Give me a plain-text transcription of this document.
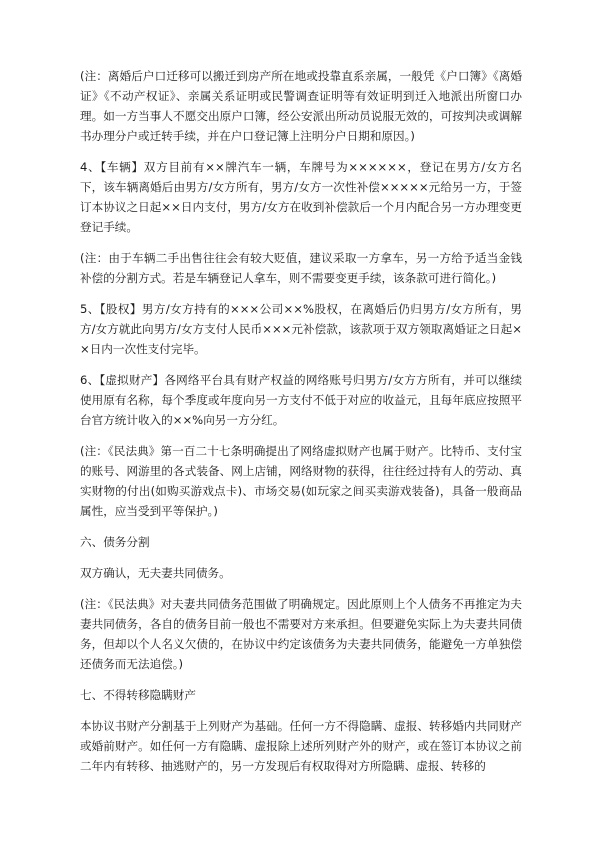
(注：离婚后户口迁移可以搬迁到房产所在地或投靠直系亲属，一般凭《户口簿》《离婚证》《不动产权证》、亲属关系证明或民警调查证明等有效证明到迁入地派出所窗口办理。如一方当事人不愿交出原户口簿，经公安派出所动员说服无效的，可按判决或调解书办理分户或迁转手续，并在户口登记簿上注明分户日期和原因。)

4、【车辆】双方目前有××牌汽车一辆，车牌号为××××××，登记在男方/女方名下，该车辆离婚后由男方/女方所有，男方/女方一次性补偿×××××元给另一方，于签订本协议之日起××日内支付，男方/女方在收到补偿款后一个月内配合另一方办理变更登记手续。

(注：由于车辆二手出售往往会有较大贬值，建议采取一方拿车，另一方给予适当金钱补偿的分割方式。若是车辆登记人拿车，则不需要变更手续，该条款可进行简化。)

5、【股权】男方/女方持有的×××公司××%股权，在离婚后仍归男方/女方所有，男方/女方就此向男方/女方支付人民币×××元补偿款，该款项于双方领取离婚证之日起××日内一次性支付完毕。

6、【虚拟财产】各网络平台具有财产权益的网络账号归男方/女方方所有，并可以继续使用原有名称，每个季度或年度向另一方支付不低于对应的收益元，且每年底应按照平台官方统计收入的××%向另一方分红。

(注：《民法典》第一百二十七条明确提出了网络虚拟财产也属于财产。比特币、支付宝的账号、网游里的各式装备、网上店铺，网络财物的获得，往往经过持有人的劳动、真实财物的付出(如购买游戏点卡)、市场交易(如玩家之间买卖游戏装备)，具备一般商品属性，应当受到平等保护。)

六、债务分割

双方确认，无夫妻共同债务。

(注：《民法典》对夫妻共同债务范围做了明确规定。因此原则上个人债务不再推定为夫妻共同债务，各自的债务目前一般也不需要对方来承担。但要避免实际上为夫妻共同债务，但却以个人名义欠债的，在协议中约定该债务为夫妻共同债务，能避免一方单独偿还债务而无法追偿。)

七、不得转移隐瞒财产

本协议书财产分割基于上列财产为基础。任何一方不得隐瞒、虚报、转移婚内共同财产或婚前财产。如任何一方有隐瞒、虚报除上述所列财产外的财产，或在签订本协议之前二年内有转移、抽逃财产的，另一方发现后有权取得对方所隐瞒、虚报、转移的
